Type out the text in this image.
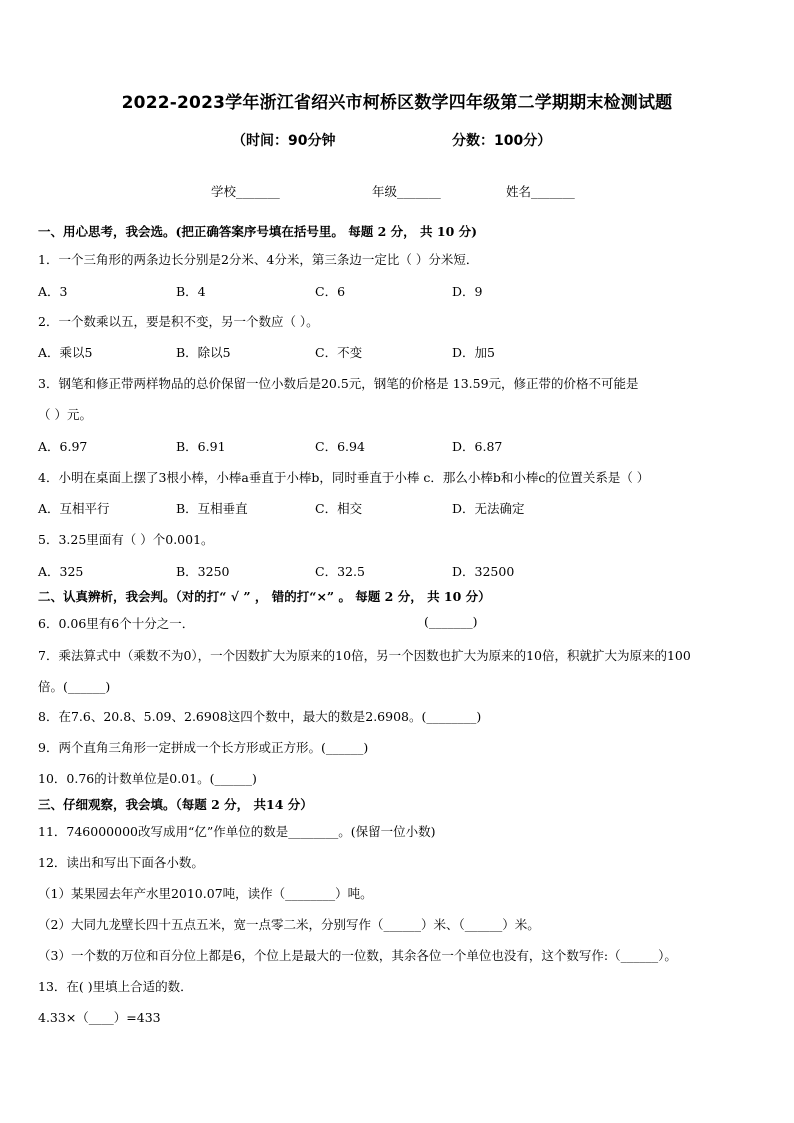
2022-2023学年浙江省绍兴市柯桥区数学四年级第二学期期末检测试题
（时间：90分钟	分数：100分）
学校_______	年级_______	姓名_______
一、用心思考，我会选。(把正确答案序号填在括号里。 每题 2 分， 共 10 分)
1．一个三角形的两条边长分别是2分米、4分米，第三条边一定比（ ）分米短．
A．3	B．4	C．6	D．9
2．一个数乘以五，要是积不变，另一个数应（ ）。
A．乘以5	B．除以5	C．不变	D．加5
3．钢笔和修正带两样物品的总价保留一位小数后是20.5元，钢笔的价格是 13.59元，修正带的价格不可能是
（ ）元。
A．6.97	B．6.91	C．6.94	D．6.87
4．小明在桌面上摆了3根小棒，小棒a垂直于小棒b，同时垂直于小棒 c．那么小棒b和小棒c的位置关系是（ ）
A．互相平行	B．互相垂直	C．相交	D．无法确定
5．3.25里面有（ ）个0.001。
A．325	B．3250	C．32.5	D．32500
二、认真辨析，我会判。（对的打“ √ ” ， 错的打“×” 。 每题 2 分， 共 10 分）
6．0.06里有6个十分之一．	(_______)
7．乘法算式中（乘数不为0），一个因数扩大为原来的10倍，另一个因数也扩大为原来的10倍，积就扩大为原来的100
倍。(______)
8．在7.6、20.8、5.09、2.6908这四个数中，最大的数是2.6908。(________)
9．两个直角三角形一定拼成一个长方形或正方形。(______)
10．0.76的计数单位是0.01。(______)
三、仔细观察，我会填。（每题 2 分， 共14 分）
11．746000000改写成用“亿”作单位的数是________。(保留一位小数)
12．读出和写出下面各小数。
（1）某果园去年产水里2010.07吨，读作（________）吨。
（2）大同九龙壁长四十五点五米，宽一点零二米，分别写作（______）米、（______）米。
（3）一个数的万位和百分位上都是6，个位上是最大的一位数，其余各位一个单位也没有，这个数写作:（______）。
13．在( )里填上合适的数．
4.33×（____）=433
